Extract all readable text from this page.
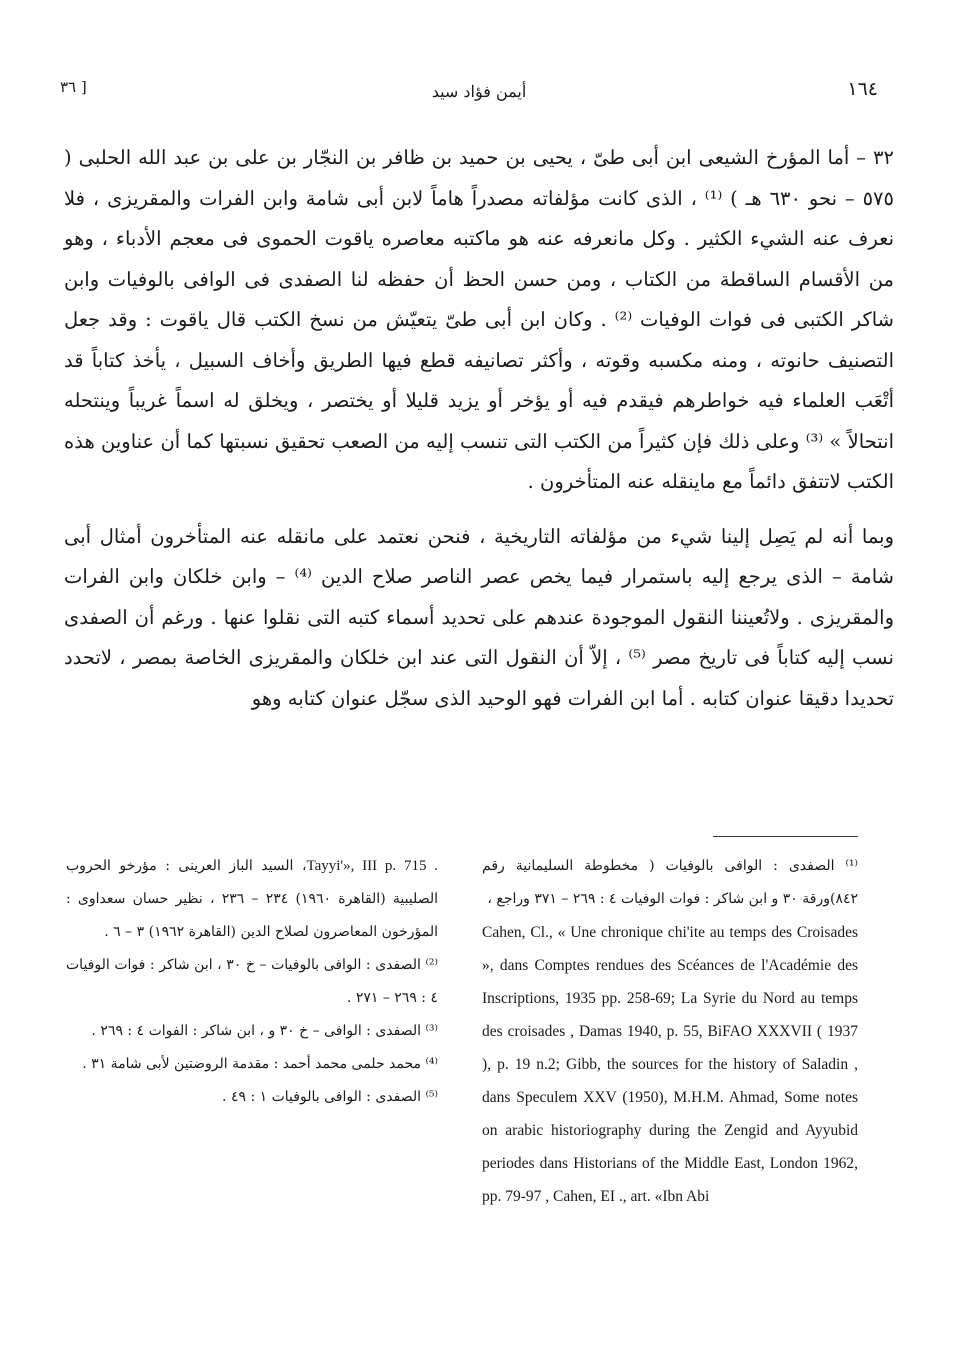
١٦٤
أيمن فؤاد سيد
[ ٣٦

٣٢ – أما المؤرخ الشيعى ابن أبى طىّ ، يحيى بن حميد بن ظافر بن النجّار بن على بن عبد الله الحلبى ( ٥٧٥ – نحو ٦٣٠ هـ ) ⁽¹⁾ ، الذى كانت مؤلفاته مصدراً هاماً لابن أبى شامة وابن الفرات والمقريزى ، فلا نعرف عنه الشيء الكثير . وكل مانعرفه عنه هو ماكتبه معاصره ياقوت الحموى فى معجم الأدباء ، وهو من الأقسام الساقطة من الكتاب ، ومن حسن الحظ أن حفظه لنا الصفدى فى الوافى بالوفيات وابن شاكر الكتبى فى فوات الوفيات ⁽²⁾ . وكان ابن أبى طىّ يتعيّش من نسخ الكتب قال ياقوت : وقد جعل التصنيف حانوته ، ومنه مكسبه وقوته ، وأكثر تصانيفه قطع فيها الطريق وأخاف السبيل ، يأخذ كتاباً قد أتْعَب العلماء فيه خواطرهم فيقدم فيه أو يؤخر أو يزيد قليلا أو يختصر ، ويخلق له اسماً غريباً وينتحله انتحالاً » ⁽³⁾ وعلى ذلك فإن كثيراً من الكتب التى تنسب إليه من الصعب تحقيق نسبتها كما أن عناوين هذه الكتب لاتتفق دائماً مع ماينقله عنه المتأخرون .

وبما أنه لم يَصِل إلينا شيء من مؤلفاته التاريخية ، فنحن نعتمد على مانقله عنه المتأخرون أمثال أبى شامة – الذى يرجع إليه باستمرار فيما يخص عصر الناصر صلاح الدين ⁽⁴⁾ – وابن خلكان وابن الفرات والمقريزى . ولاتُعيننا النقول الموجودة عندهم على تحديد أسماء كتبه التى نقلوا عنها . ورغم أن الصفدى نسب إليه كتاباً فى تاريخ مصر ⁽⁵⁾ ، إلاّ أن النقول التى عند ابن خلكان والمقريزى الخاصة بمصر ، لاتحدد تحديدا دقيقا عنوان كتابه . أما ابن الفرات فهو الوحيد الذى سجّل عنوان كتابه وهو

⁽¹⁾ الصفدى : الوافى بالوفيات ( مخطوطة السليمانية رقم ٨٤٢)ورقة ٣٠ و ابن شاكر : فوات الوفيات ٤ : ٢٦٩ – ٣٧١ وراجع ،

Cahen, Cl., « Une chronique chi'ite au temps des Croisades », dans Comptes rendues des Scéances de l'Académie des Inscriptions, 1935 pp. 258-69; La Syrie du Nord au temps des croisades , Damas 1940, p. 55, BiFAO XXXVII ( 1937 ), p. 19 n.2; Gibb, the sources for the history of Saladin , dans Speculem XXV (1950), M.H.M. Ahmad, Some notes on arabic historiography during the Zengid and Ayyubid periodes dans Historians of the Middle East, London 1962, pp. 79-97 , Cahen, EI ., art. «Ibn Abi

Tayyi'», III p. 715 .، السيد الباز العرينى : مؤرخو الحروب الصليبية (القاهرة ١٩٦٠) ٢٣٤ – ٢٣٦ ، نظير حسان سعداوى : المؤرخون المعاصرون لصلاح الدين (القاهرة ١٩٦٢) ٣ – ٦ .

⁽²⁾ الصفدى : الوافى بالوفيات – خ ٣٠ ، ابن شاكر : فوات الوفيات ٤ : ٢٦٩ – ٢٧١ .

⁽³⁾ الصفدى : الوافى – خ ٣٠ و ، ابن شاكر : الفوات ٤ : ٢٦٩ .

⁽⁴⁾ محمد حلمى محمد أحمد : مقدمة الروضتين لأبى شامة ٣١ .

⁽⁵⁾ الصفدى : الوافى بالوفيات ١ : ٤٩ .
